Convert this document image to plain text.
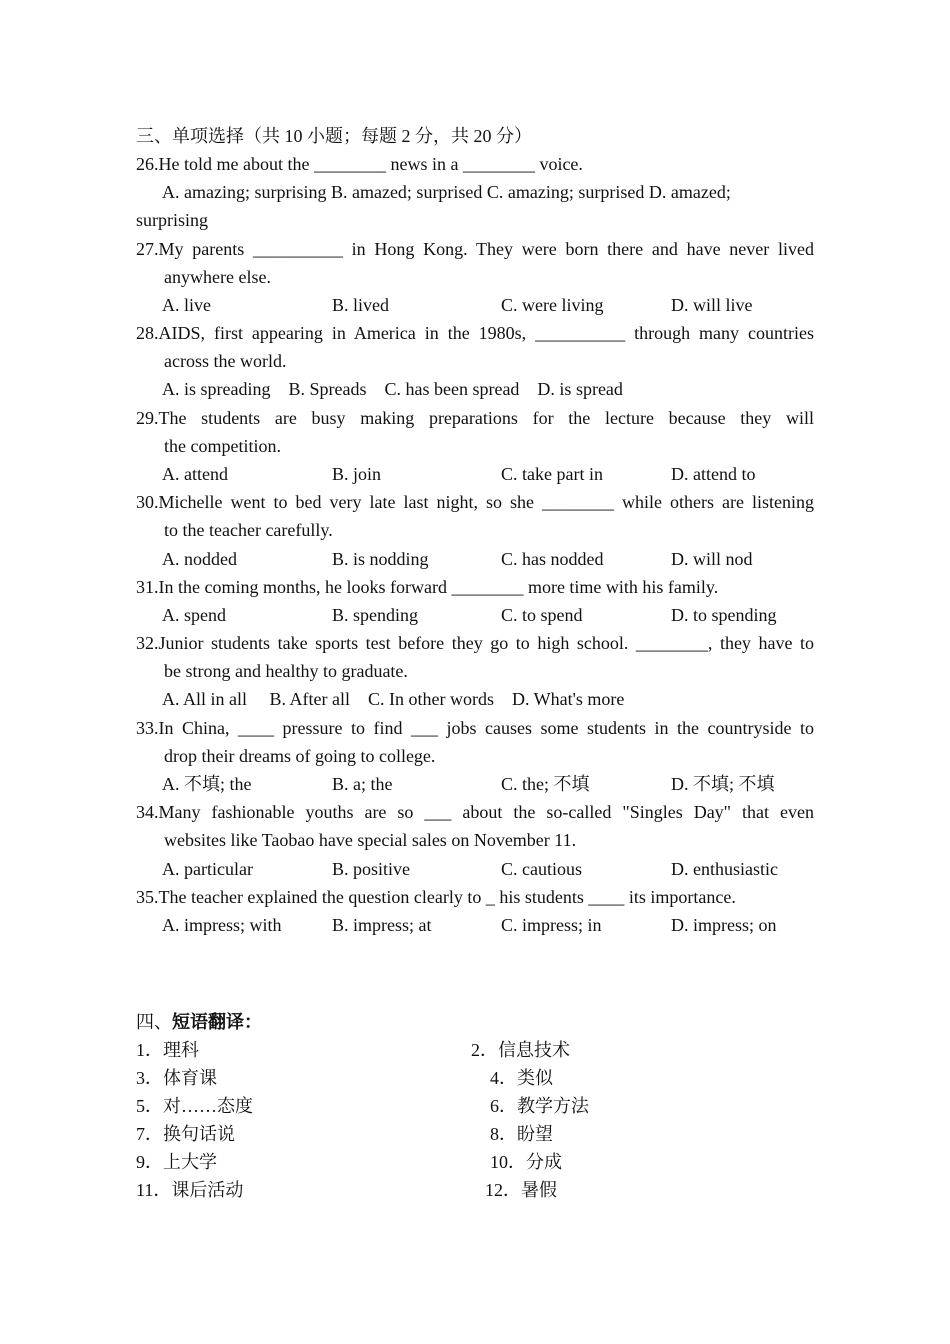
三、单项选择（共 10 小题；每题 2 分，共 20 分）
26.He told me about the ________ news in a ________ voice.
A. amazing; surprising B. amazed; surprised C. amazing; surprised D. amazed;
surprising
27.My parents __________ in Hong Kong. They were born there and have never lived
anywhere else.
A. live	B. lived	C. were living	D. will live
28.AIDS, first appearing in America in the 1980s, __________ through many countries
across the world.
A. is spreading    B. Spreads    C. has been spread    D. is spread
29.The students are busy making preparations for the lecture because they will
the competition.
A. attend	B. join	C. take part in	D. attend to
30.Michelle went to bed very late last night, so she ________ while others are listening
to the teacher carefully.
A. nodded	B. is nodding	C. has nodded	D. will nod
31.In the coming months, he looks forward ________ more time with his family.
A. spend	B. spending	C. to spend	D. to spending
32.Junior students take sports test before they go to high school. ________, they have to
be strong and healthy to graduate.
A. All in all     B. After all    C. In other words    D. What's more
33.In China, ____ pressure to find ___ jobs causes some students in the countryside to
drop their dreams of going to college.
A. 不填; the	B. a; the	C. the; 不填	D. 不填; 不填
34.Many fashionable youths are so ___ about the so-called "Singles Day" that even
websites like Taobao have special sales on November 11.
A. particular	B. positive	C. cautious	D. enthusiastic
35.The teacher explained the question clearly to _ his students ____ its importance.
A. impress; with	B. impress; at	C. impress; in	D. impress; on
四、短语翻译：
1．理科	2．信息技术
3．体育课	4．类似
5．对……态度	6．教学方法
7．换句话说	8．盼望
9．上大学	10．分成
11．课后活动	12．暑假
